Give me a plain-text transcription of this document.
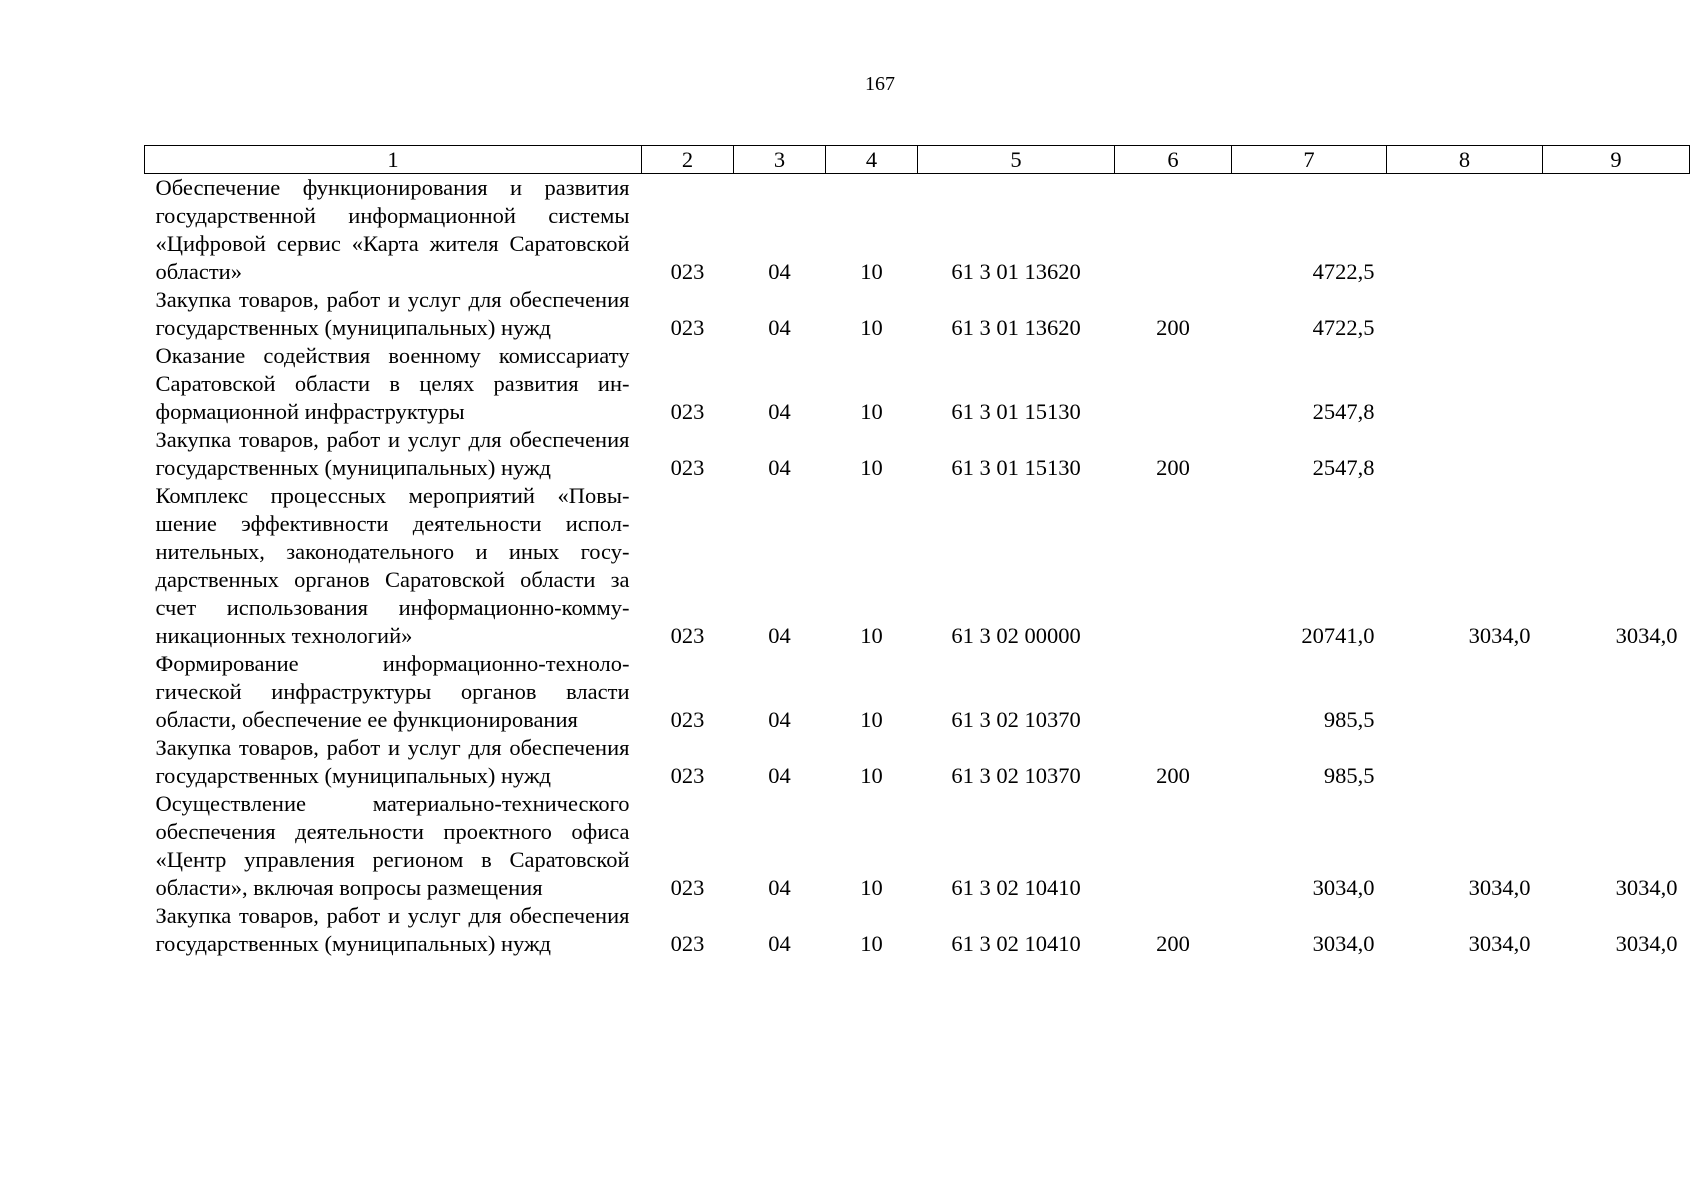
167
1	2	3	4	5	6	7	8	9
Обеспечение функционирования и развития государственной информационной системы «Цифровой сервис «Карта жителя Саратовской области»	023	04	10	61 3 01 13620		4722,5		
Закупка товаров, работ и услуг для обеспечения государственных (муниципальных) нужд	023	04	10	61 3 01 13620	200	4722,5		
Оказание содействия военному комиссариату Саратовской области в целях развития информационной инфраструктуры	023	04	10	61 3 01 15130		2547,8		
Закупка товаров, работ и услуг для обеспечения государственных (муниципальных) нужд	023	04	10	61 3 01 15130	200	2547,8		
Комплекс процессных мероприятий «Повышение эффективности деятельности исполнительных, законодательного и иных государственных органов Саратовской области за счет использования информационно-коммуникационных технологий»	023	04	10	61 3 02 00000		20741,0	3034,0	3034,0
Формирование информационно-технологической инфраструктуры органов власти области, обеспечение ее функционирования	023	04	10	61 3 02 10370		985,5		
Закупка товаров, работ и услуг для обеспечения государственных (муниципальных) нужд	023	04	10	61 3 02 10370	200	985,5		
Осуществление материально-технического обеспечения деятельности проектного офиса «Центр управления регионом в Саратовской области», включая вопросы размещения	023	04	10	61 3 02 10410		3034,0	3034,0	3034,0
Закупка товаров, работ и услуг для обеспечения государственных (муниципальных) нужд	023	04	10	61 3 02 10410	200	3034,0	3034,0	3034,0
